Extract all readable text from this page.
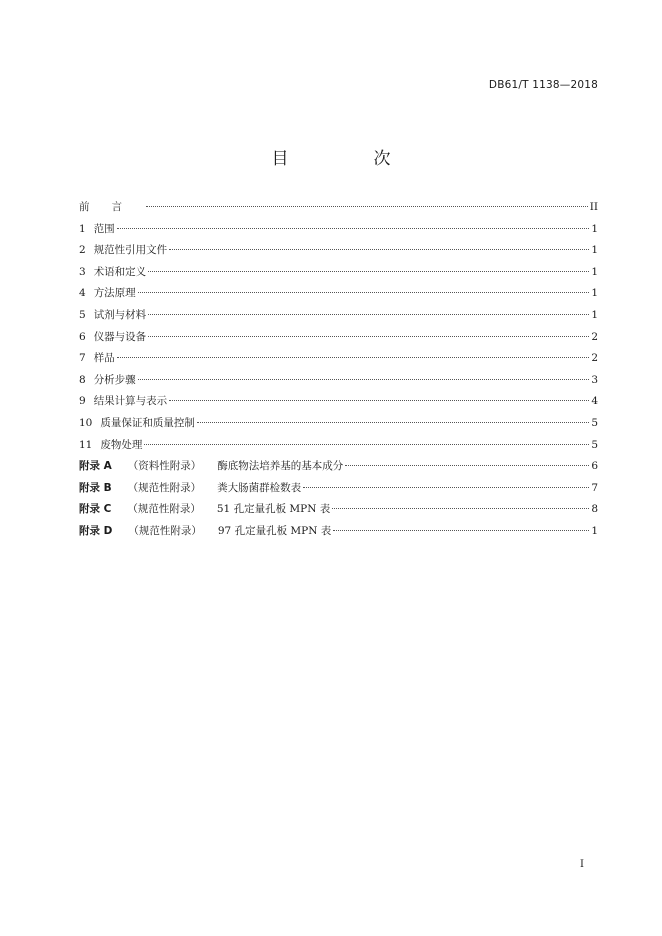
DB61/T 1138—2018
目　次
前言	II
1 范围	1
2 规范性引用文件	1
3 术语和定义	1
4 方法原理	1
5 试剂与材料	1
6 仪器与设备	2
7 样品	2
8 分析步骤	3
9 结果计算与表示	4
10 质量保证和质量控制	5
11 废物处理	5
附录 A （资料性附录） 酶底物法培养基的基本成分	6
附录 B （规范性附录） 粪大肠菌群检数表	7
附录 C （规范性附录） 51 孔定量孔板 MPN 表	8
附录 D （规范性附录） 97 孔定量孔板 MPN 表	1
I
